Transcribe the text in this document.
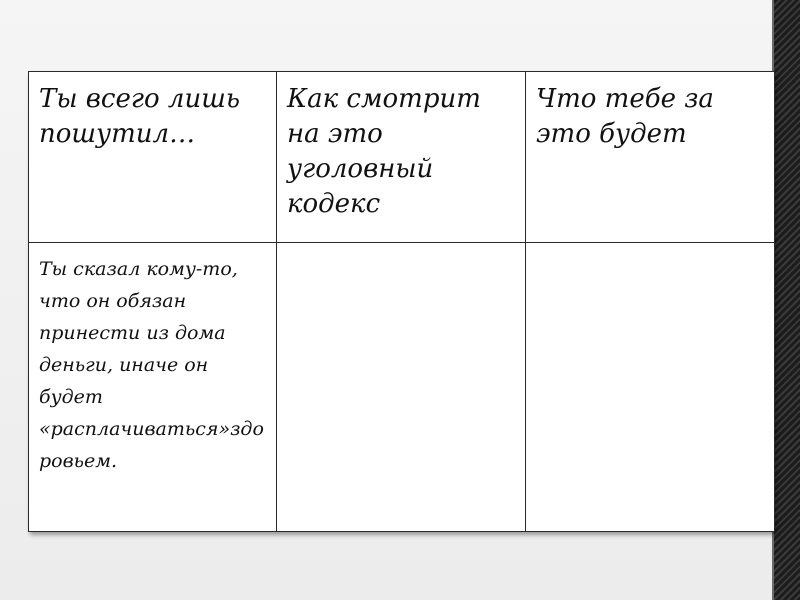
Ты всего лишь пошутил…	Как смотрит на это уголовный кодекс	Что тебе за это будет

Ты сказал кому-то, что он обязан принести из дома деньги, иначе он будет «расплачиваться»здоровьем.		
